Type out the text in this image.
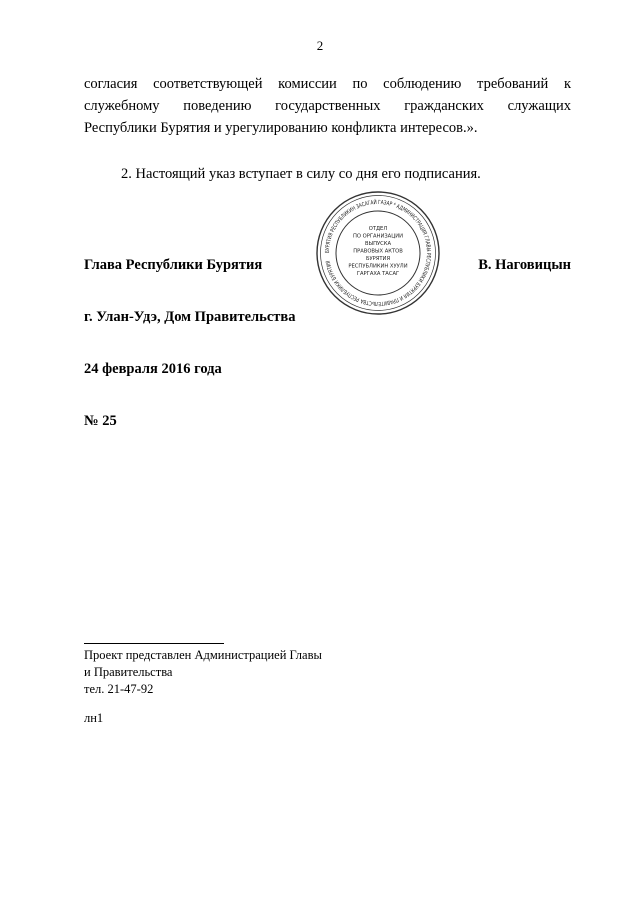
2
согласия соответствующей комиссии по соблюдению требований к
служебному поведению государственных гражданских служащих
Республики Бурятия и урегулированию конфликта интересов.».
2. Настоящий указ вступает в силу со дня его подписания.
БУРЯТИЯ РЕСПУБЛИКИН ЗАСАГАЙ ГАЗАР * АДМИНИСТРАЦИЯ ГЛАВЫ РЕСПУБЛИКИ БУРЯТИЯ И ПРАВИТЕЛЬСТВА РЕСПУБЛИКИ БУРЯТИЯ
ОТДЕЛ
ПО ОРГАНИЗАЦИИ
ВЫПУСКА
ПРАВОВЫХ АКТОВ
БУРЯТИЯ
РЕСПУБЛИКИН ХУУЛИ
ГАРГАХА ТАСАГ
Глава Республики Бурятия	В. Наговицын
г. Улан-Удэ, Дом Правительства
24 февраля 2016 года
№ 25
Проект представлен Администрацией Главы
и Правительства
тел. 21-47-92
лн1
